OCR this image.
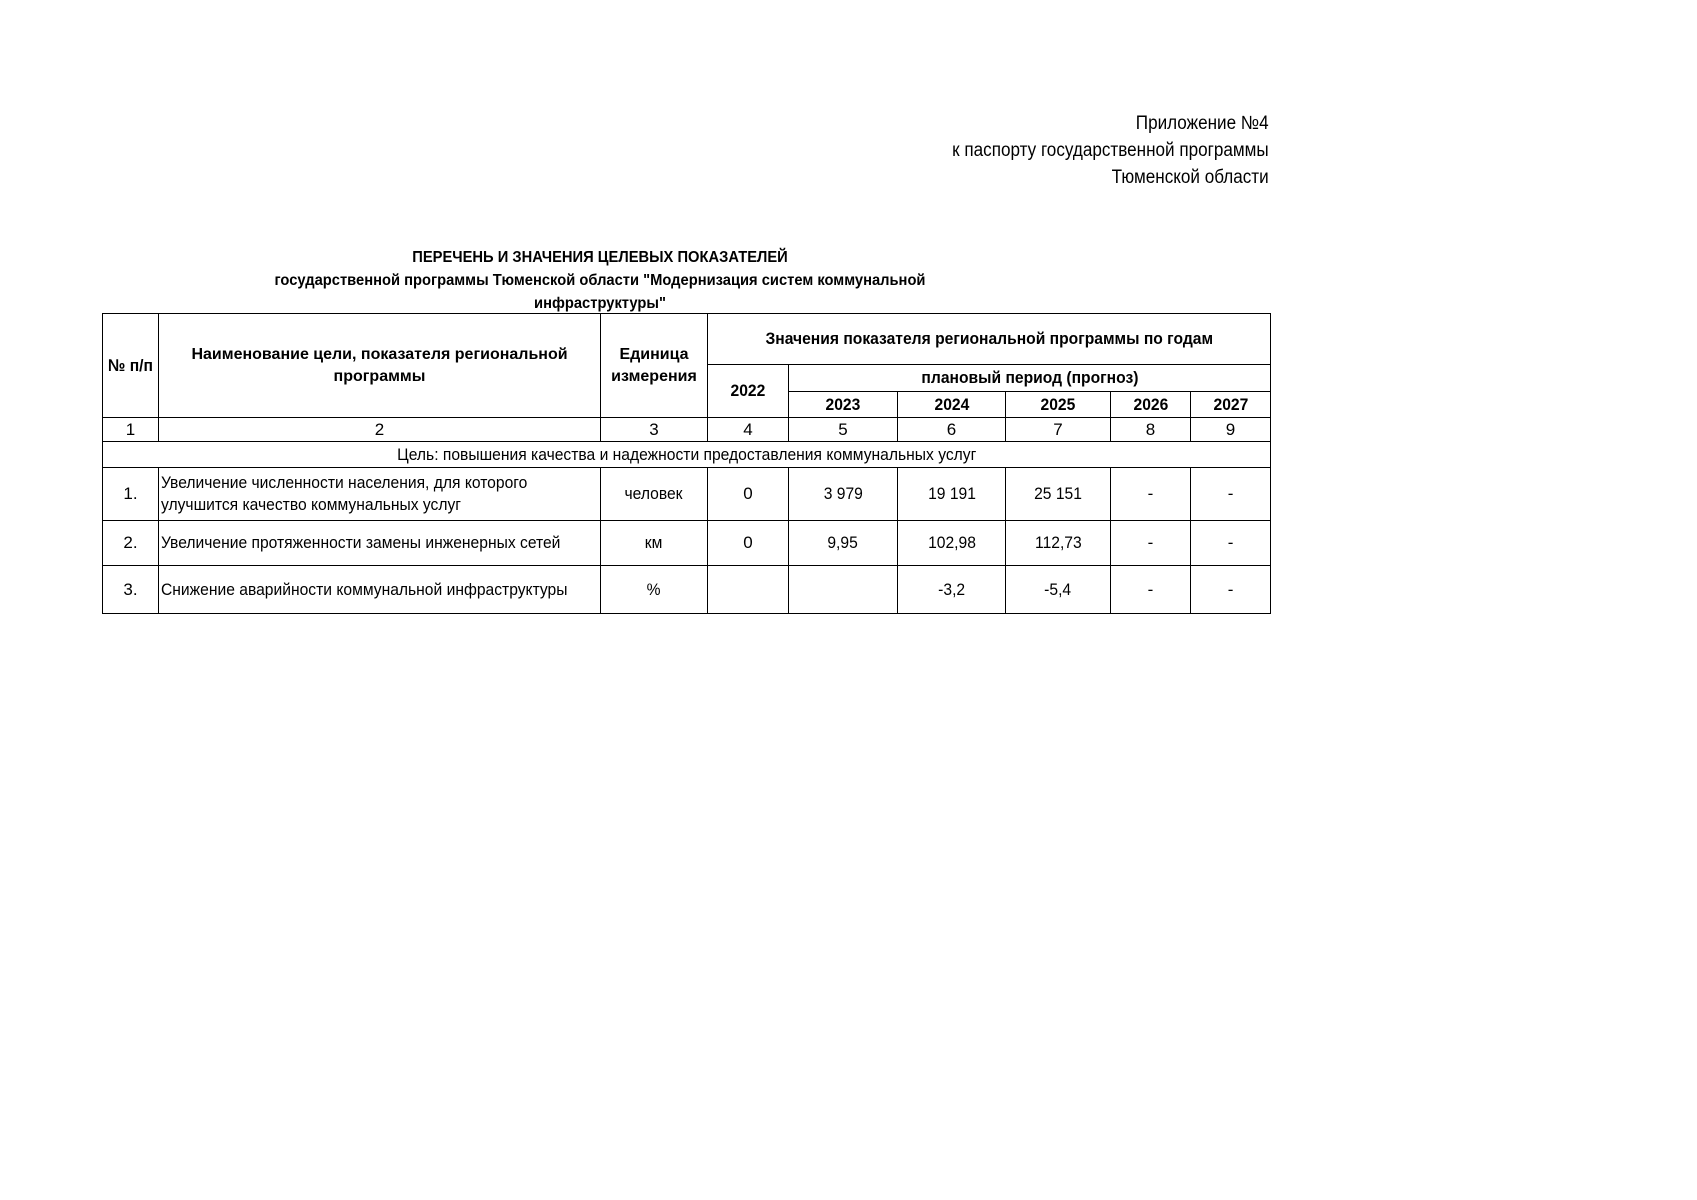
Приложение №4
к паспорту государственной программы
Тюменской области
ПЕРЕЧЕНЬ И ЗНАЧЕНИЯ ЦЕЛЕВЫХ ПОКАЗАТЕЛЕЙ
государственной программы Тюменской области "Модернизация систем коммунальной инфраструктуры"
№ п/п	Наименование цели, показателя региональной программы	Единица измерения	Значения показателя региональной программы по годам					
			2022	плановый период (прогноз)				
				2023	2024	2025	2026	2027
1	2	3	4	5	6	7	8	9
Цель: повышения качества и надежности предоставления коммунальных услуг								
1.	Увеличение численности населения, для которого улучшится качество коммунальных услуг	человек	0	3 979	19 191	25 151	-	-
2.	Увеличение протяженности замены инженерных сетей	км	0	9,95	102,98	112,73	-	-
3.	Снижение аварийности коммунальной инфраструктуры	%			-3,2	-5,4	-	-
